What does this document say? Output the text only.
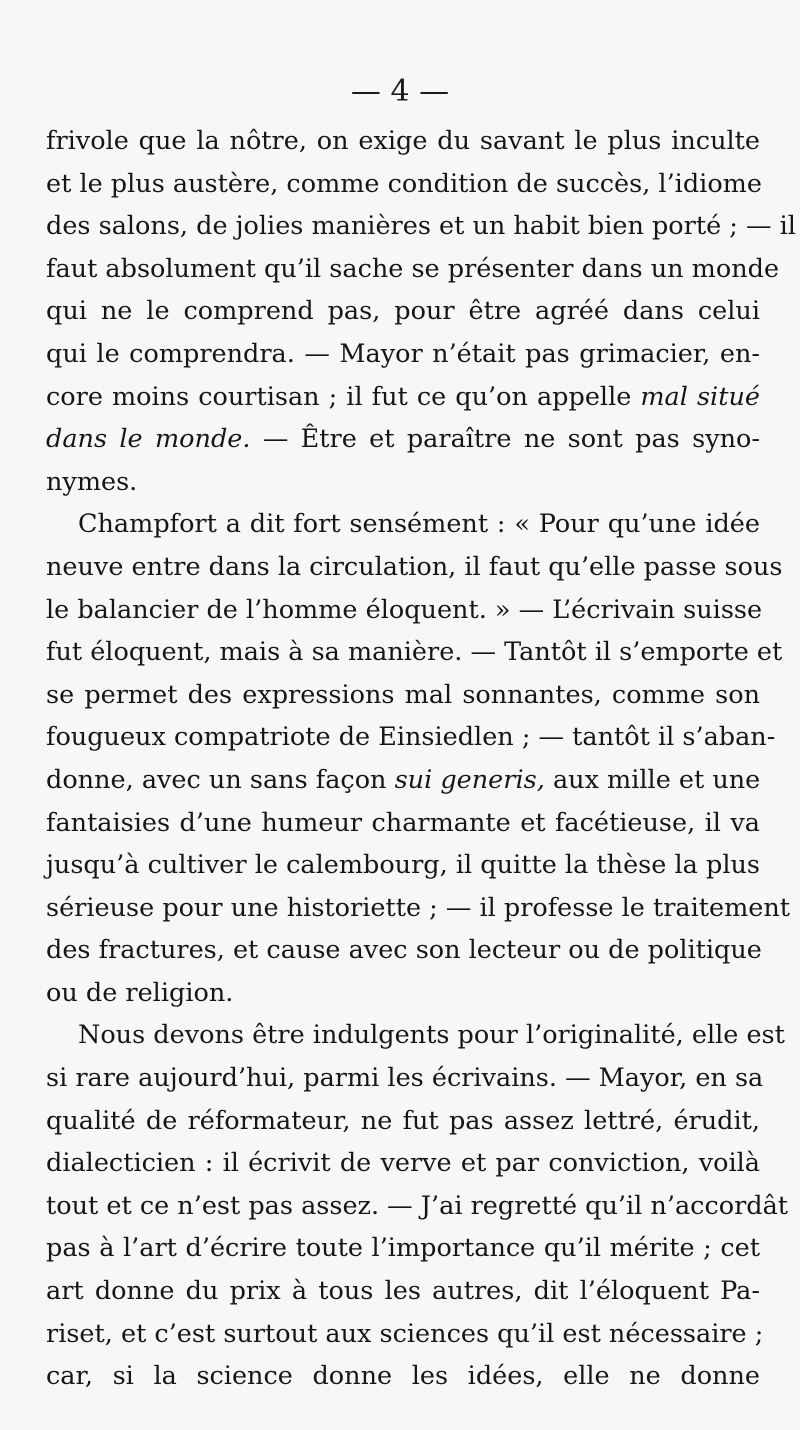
— 4 —
frivole que la nôtre, on exige du savant le plus inculte
et le plus austère, comme condition de succès, l’idiome
des salons, de jolies manières et un habit bien porté ; — il
faut absolument qu’il sache se présenter dans un monde
qui ne le comprend pas, pour être agréé dans celui
qui le comprendra. — Mayor n’était pas grimacier, en-
core moins courtisan ; il fut ce qu’on appelle mal situé
dans le monde. — Être et paraître ne sont pas syno-
nymes.
Champfort a dit fort sensément : « Pour qu’une idée
neuve entre dans la circulation, il faut qu’elle passe sous
le balancier de l’homme éloquent. » — L’écrivain suisse
fut éloquent, mais à sa manière. — Tantôt il s’emporte et
se permet des expressions mal sonnantes, comme son
fougueux compatriote de Einsiedlen ; — tantôt il s’aban-
donne, avec un sans façon sui generis, aux mille et une
fantaisies d’une humeur charmante et facétieuse, il va
jusqu’à cultiver le calembourg, il quitte la thèse la plus
sérieuse pour une historiette ; — il professe le traitement
des fractures, et cause avec son lecteur ou de politique
ou de religion.
Nous devons être indulgents pour l’originalité, elle est
si rare aujourd’hui, parmi les écrivains. — Mayor, en sa
qualité de réformateur, ne fut pas assez lettré, érudit,
dialecticien : il écrivit de verve et par conviction, voilà
tout et ce n’est pas assez. — J’ai regretté qu’il n’accordât
pas à l’art d’écrire toute l’importance qu’il mérite ; cet
art donne du prix à tous les autres, dit l’éloquent Pa-
riset, et c’est surtout aux sciences qu’il est nécessaire ;
car, si la science donne les idées, elle ne donne
